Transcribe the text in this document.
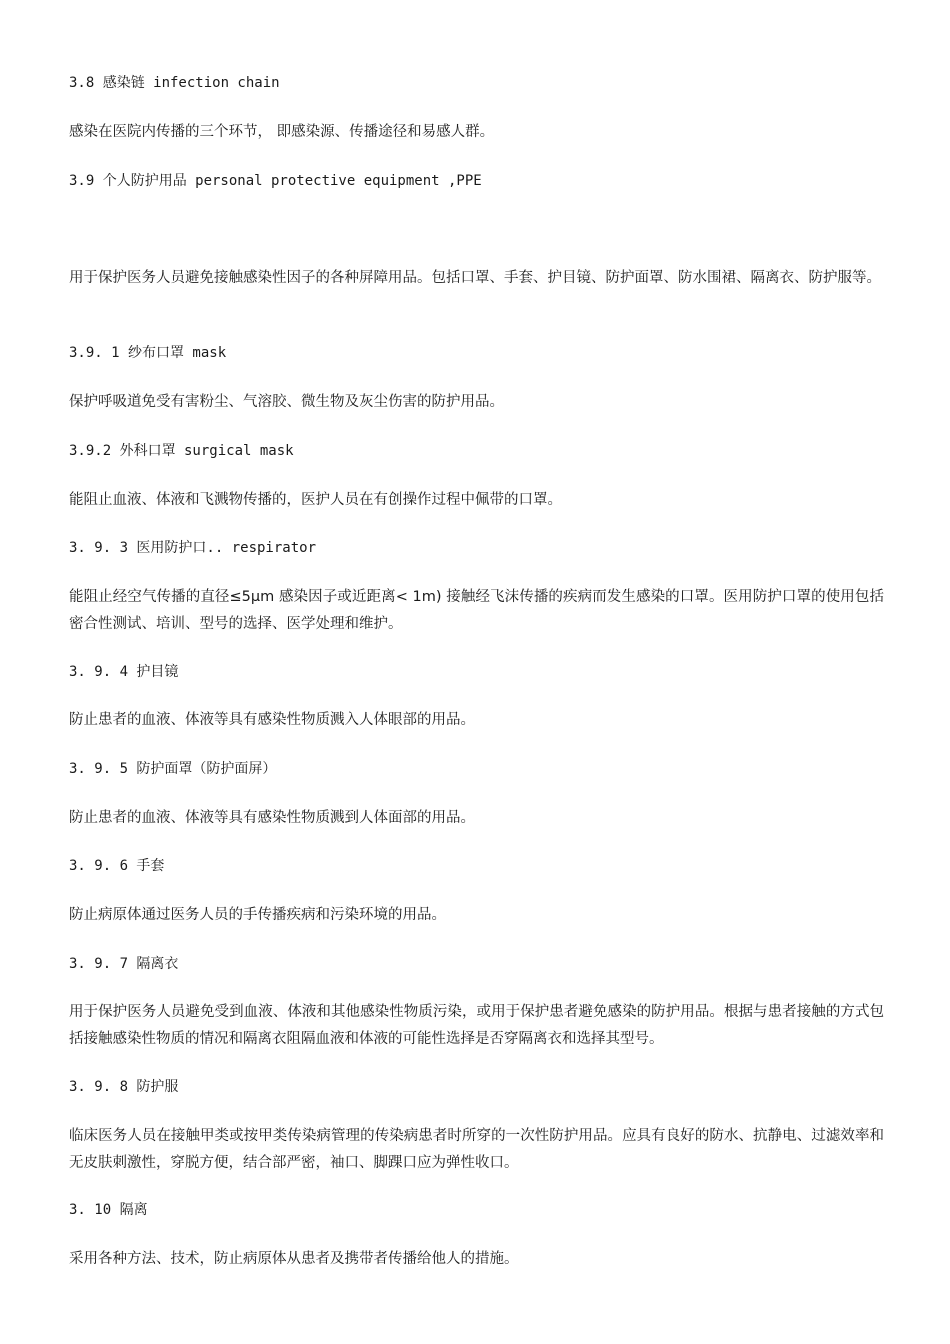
3.8 感染链 infection chain
感染在医院内传播的三个环节， 即感染源、传播途径和易感人群。
3.9 个人防护用品 personal protective equipment ,PPE
用于保护医务人员避免接触感染性因子的各种屏障用品。包括口罩、手套、护目镜、防护面罩、防水围裙、隔离衣、防护服等。
3.9. 1 纱布口罩 mask
保护呼吸道免受有害粉尘、气溶胶、微生物及灰尘伤害的防护用品。
3.9.2 外科口罩 surgical mask
能阻止血液、体液和飞溅物传播的，医护人员在有创操作过程中佩带的口罩。
3. 9. 3 医用防护口.. respirator
能阻止经空气传播的直径≤5μm 感染因子或近距离< 1m) 接触经飞沫传播的疾病而发生感染的口罩。医用防护口罩的使用包括密合性测试、培训、型号的选择、医学处理和维护。
3. 9. 4 护目镜
防止患者的血液、体液等具有感染性物质溅入人体眼部的用品。
3. 9. 5 防护面罩（防护面屏）
防止患者的血液、体液等具有感染性物质溅到人体面部的用品。
3. 9. 6 手套
防止病原体通过医务人员的手传播疾病和污染环境的用品。
3. 9. 7 隔离衣
用于保护医务人员避免受到血液、体液和其他感染性物质污染，或用于保护患者避免感染的防护用品。根据与患者接触的方式包括接触感染性物质的情况和隔离衣阻隔血液和体液的可能性选择是否穿隔离衣和选择其型号。
3. 9. 8 防护服
临床医务人员在接触甲类或按甲类传染病管理的传染病患者时所穿的一次性防护用品。应具有良好的防水、抗静电、过滤效率和无皮肤刺激性，穿脱方便，结合部严密，袖口、脚踝口应为弹性收口。
3. 10 隔离
采用各种方法、技术，防止病原体从患者及携带者传播给他人的措施。
